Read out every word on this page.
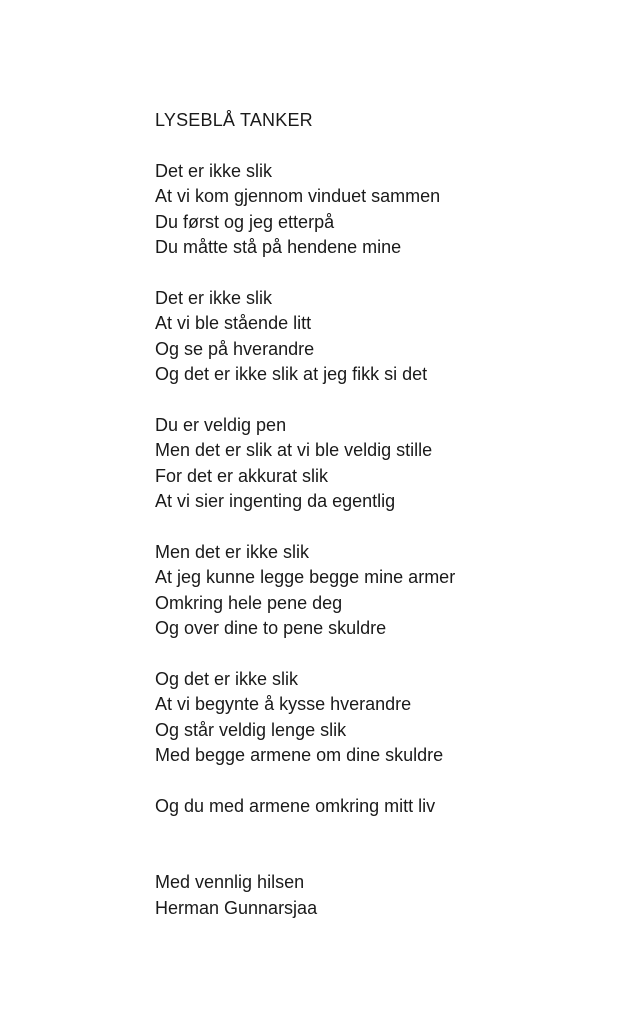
LYSEBLÅ TANKER
Det er ikke slik
At vi kom gjennom vinduet sammen
Du først og jeg etterpå
Du måtte stå på hendene mine
Det er ikke slik
At vi ble stående litt
Og se på hverandre
Og det er ikke slik at jeg fikk si det
Du er veldig pen
Men det er slik at vi ble veldig stille
For det er akkurat slik
At vi sier ingenting da egentlig
Men det er ikke slik
At jeg kunne legge begge mine armer
Omkring hele pene deg
Og over dine to pene skuldre
Og det er ikke slik
At vi begynte å kysse hverandre
Og står veldig lenge slik
Med begge armene om dine skuldre
Og du med armene omkring mitt liv
Med vennlig hilsen
Herman Gunnarsjaa
